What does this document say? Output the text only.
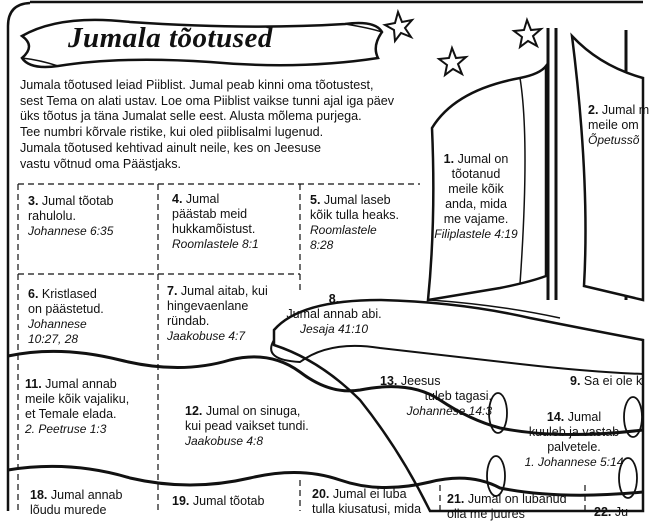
Jumala tõotused
Jumala tõotused leiad Piiblist. Jumal peab kinni oma tõotustest,
sest Tema on alati ustav. Loe oma Piiblist vaikse tunni ajal iga päev
üks tõotus ja täna Jumalat selle eest. Alusta mõlema purjega.
Tee numbri kõrvale ristike, kui oled piiblisalmi lugenud.
Jumala tõotused kehtivad ainult neile, kes on Jeesuse
vastu võtnud oma Päästjaks.	1. Jumal on
tõotanud
meile kõik
anda, mida
me vajame.
Filiplastele 4:19
2. Jumal m
meile om
Õpetussõ
3. Jumal tõotab
rahulolu.
Johannese 6:35
4. Jumal
päästab meid
hukkamõistust.
Roomlastele 8:1
5. Jumal laseb
kõik tulla heaks.
Roomlastele
8:28
6. Kristlased
on päästetud.
Johannese
10:27, 28
7. Jumal aitab, kui
hingevaenlane
ründab.
Jaakobuse 4:7
8.
Jumal annab abi.
Jesaja 41:10
9. Sa ei ole k
11. Jumal annab
meile kõik vajaliku,
et Temale elada.
2. Peetruse 1:3
12. Jumal on sinuga,
kui pead vaikset tundi.
Jaakobuse 4:8
13. Jeesus
tuleb tagasi.
Johannese 14:3	14. Jumal
kuuleb ja vastab
palvetele.
1. Johannese 5:14
18. Jumal annab
lõudu murede
19. Jumal tõotab	20. Jumal ei luba
tulla kiusatusi, mida
21. Jumal on lubanud
olla me juures	22. Ju
